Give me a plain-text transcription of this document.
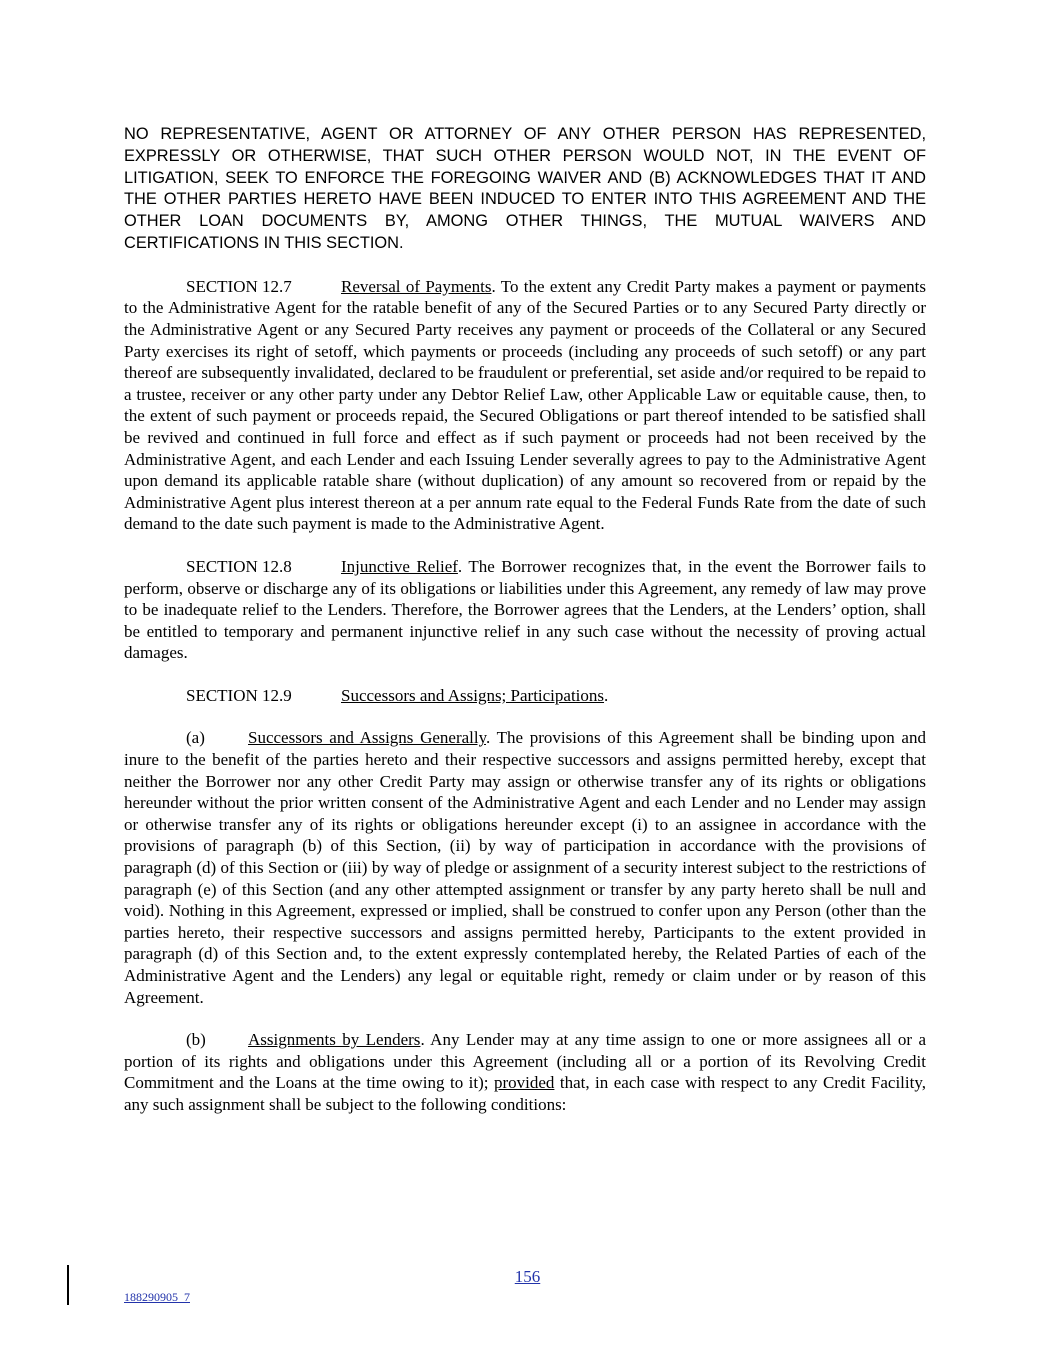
NO REPRESENTATIVE, AGENT OR ATTORNEY OF ANY OTHER PERSON HAS REPRESENTED, EXPRESSLY OR OTHERWISE, THAT SUCH OTHER PERSON WOULD NOT, IN THE EVENT OF LITIGATION, SEEK TO ENFORCE THE FOREGOING WAIVER AND (B) ACKNOWLEDGES THAT IT AND THE OTHER PARTIES HERETO HAVE BEEN INDUCED TO ENTER INTO THIS AGREEMENT AND THE OTHER LOAN DOCUMENTS BY, AMONG OTHER THINGS, THE MUTUAL WAIVERS AND CERTIFICATIONS IN THIS SECTION.

SECTION 12.7	Reversal of Payments. To the extent any Credit Party makes a payment or payments to the Administrative Agent for the ratable benefit of any of the Secured Parties or to any Secured Party directly or the Administrative Agent or any Secured Party receives any payment or proceeds of the Collateral or any Secured Party exercises its right of setoff, which payments or proceeds (including any proceeds of such setoff) or any part thereof are subsequently invalidated, declared to be fraudulent or preferential, set aside and/or required to be repaid to a trustee, receiver or any other party under any Debtor Relief Law, other Applicable Law or equitable cause, then, to the extent of such payment or proceeds repaid, the Secured Obligations or part thereof intended to be satisfied shall be revived and continued in full force and effect as if such payment or proceeds had not been received by the Administrative Agent, and each Lender and each Issuing Lender severally agrees to pay to the Administrative Agent upon demand its applicable ratable share (without duplication) of any amount so recovered from or repaid by the Administrative Agent plus interest thereon at a per annum rate equal to the Federal Funds Rate from the date of such demand to the date such payment is made to the Administrative Agent.

SECTION 12.8	Injunctive Relief. The Borrower recognizes that, in the event the Borrower fails to perform, observe or discharge any of its obligations or liabilities under this Agreement, any remedy of law may prove to be inadequate relief to the Lenders. Therefore, the Borrower agrees that the Lenders, at the Lenders’ option, shall be entitled to temporary and permanent injunctive relief in any such case without the necessity of proving actual damages.

SECTION 12.9	Successors and Assigns; Participations.

(a)	Successors and Assigns Generally. The provisions of this Agreement shall be binding upon and inure to the benefit of the parties hereto and their respective successors and assigns permitted hereby, except that neither the Borrower nor any other Credit Party may assign or otherwise transfer any of its rights or obligations hereunder without the prior written consent of the Administrative Agent and each Lender and no Lender may assign or otherwise transfer any of its rights or obligations hereunder except (i) to an assignee in accordance with the provisions of paragraph (b) of this Section, (ii) by way of participation in accordance with the provisions of paragraph (d) of this Section or (iii) by way of pledge or assignment of a security interest subject to the restrictions of paragraph (e) of this Section (and any other attempted assignment or transfer by any party hereto shall be null and void). Nothing in this Agreement, expressed or implied, shall be construed to confer upon any Person (other than the parties hereto, their respective successors and assigns permitted hereby, Participants to the extent provided in paragraph (d) of this Section and, to the extent expressly contemplated hereby, the Related Parties of each of the Administrative Agent and the Lenders) any legal or equitable right, remedy or claim under or by reason of this Agreement.

(b) Assignments by Lenders. Any Lender may at any time assign to one or more assignees all or a portion of its rights and obligations under this Agreement (including all or a portion of its Revolving Credit Commitment and the Loans at the time owing to it); provided that, in each case with respect to any Credit Facility, any such assignment shall be subject to the following conditions:

156
188290905_7
